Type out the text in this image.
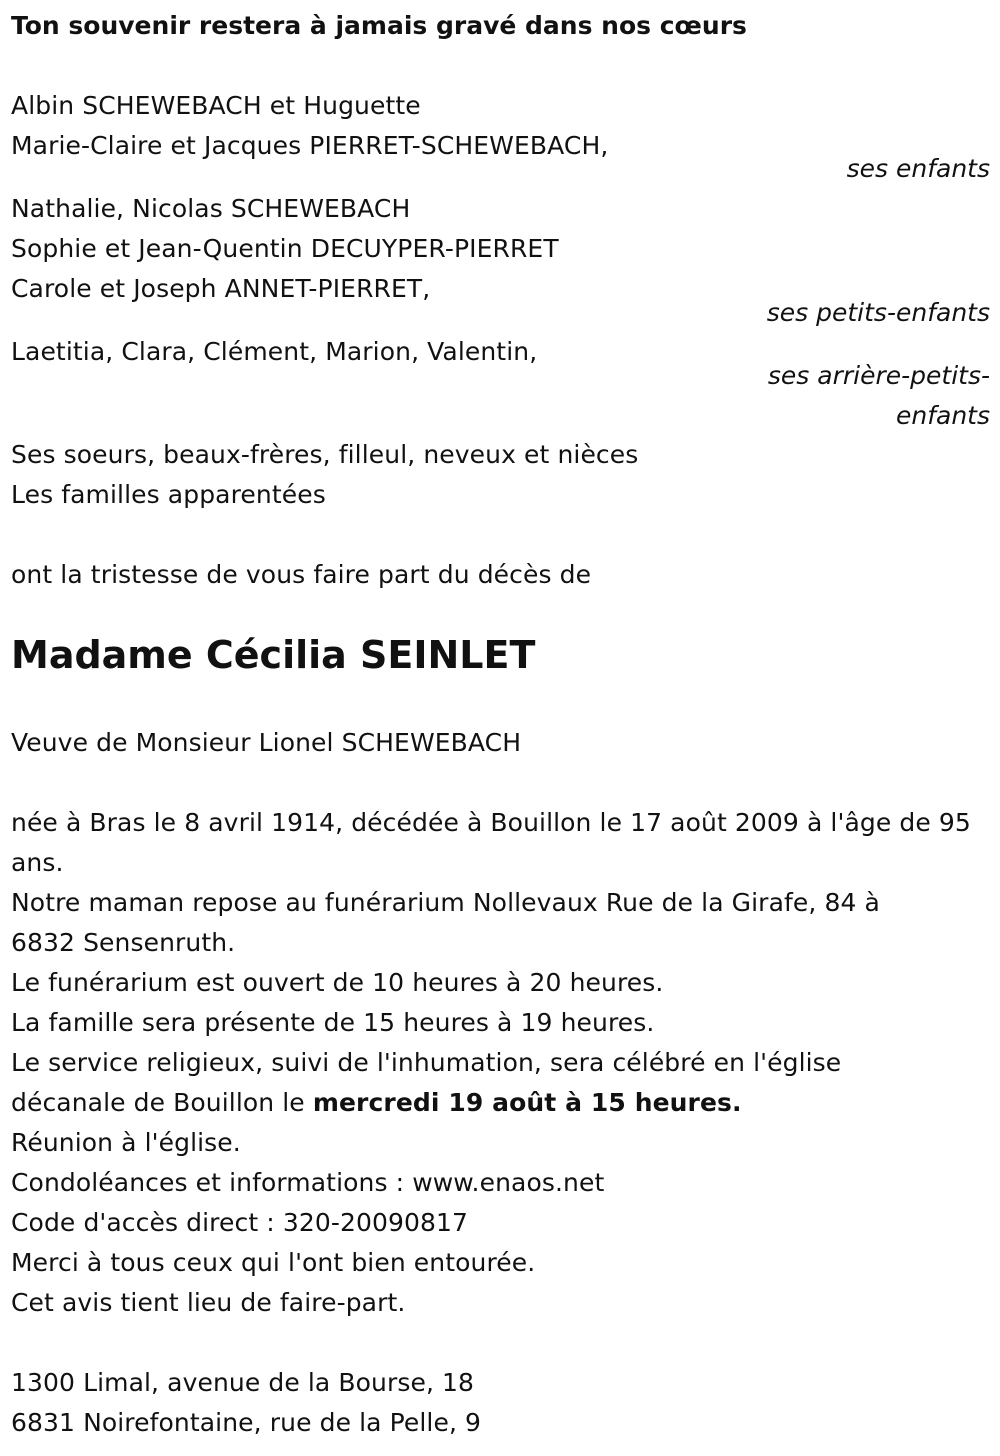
Ton souvenir restera à jamais gravé dans nos cœurs
Albin SCHEWEBACH et Huguette
Marie-Claire et Jacques PIERRET-SCHEWEBACH,
ses enfants
Nathalie, Nicolas SCHEWEBACH
Sophie et Jean-Quentin DECUYPER-PIERRET
Carole et Joseph ANNET-PIERRET,
ses petits-enfants
Laetitia, Clara, Clément, Marion, Valentin,
ses arrière-petits-
enfants
Ses soeurs, beaux-frères, filleul, neveux et nièces
Les familles apparentées
ont la tristesse de vous faire part du décès de
Madame Cécilia SEINLET
Veuve de Monsieur Lionel SCHEWEBACH
née à Bras le 8 avril 1914, décédée à Bouillon le 17 août 2009 à l'âge de 95
ans.
Notre maman repose au funérarium Nollevaux Rue de la Girafe, 84 à
6832 Sensenruth.
Le funérarium est ouvert de 10 heures à 20 heures.
La famille sera présente de 15 heures à 19 heures.
Le service religieux, suivi de l'inhumation, sera célébré en l'église
décanale de Bouillon le mercredi 19 août à 15 heures.
Réunion à l'église.
Condoléances et informations : www.enaos.net
Code d'accès direct : 320-20090817
Merci à tous ceux qui l'ont bien entourée.
Cet avis tient lieu de faire-part.
1300 Limal, avenue de la Bourse, 18
6831 Noirefontaine, rue de la Pelle, 9
